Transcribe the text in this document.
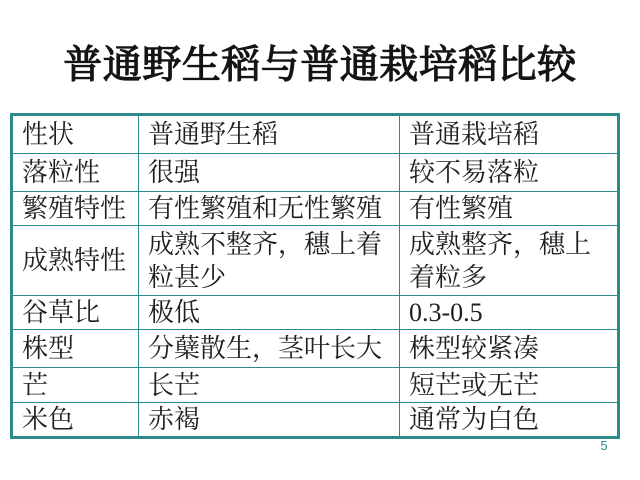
普通野生稻与普通栽培稻比较
性状	普通野生稻	普通栽培稻
落粒性	很强	较不易落粒
繁殖特性	有性繁殖和无性繁殖	有性繁殖
成熟特性	成熟不整齐，穗上着粒甚少	成熟整齐，穗上着粒多
谷草比	极低	0.3-0.5
株型	分蘖散生，茎叶长大	株型较紧凑
芒	长芒	短芒或无芒
米色	赤褐	通常为白色
5
